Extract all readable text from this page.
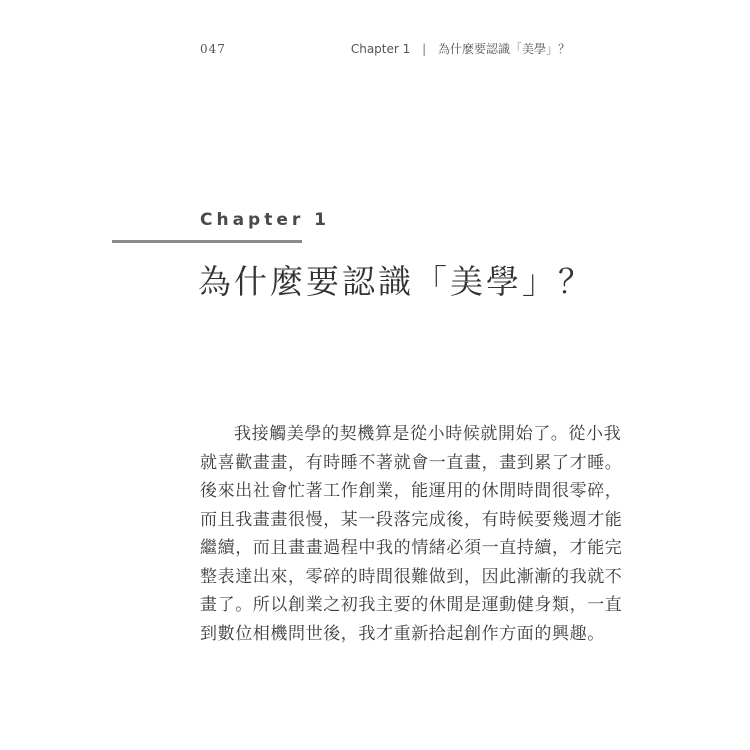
047	Chapter 1 | 為什麼要認識「美學」？
Chapter 1
為什麼要認識「美學」？
我接觸美學的契機算是從小時候就開始了。從小我
就喜歡畫畫，有時睡不著就會一直畫，畫到累了才睡。
後來出社會忙著工作創業，能運用的休閒時間很零碎，
而且我畫畫很慢，某一段落完成後，有時候要幾週才能
繼續，而且畫畫過程中我的情緒必須一直持續，才能完
整表達出來，零碎的時間很難做到，因此漸漸的我就不
畫了。所以創業之初我主要的休閒是運動健身類，一直
到數位相機問世後，我才重新拾起創作方面的興趣。
